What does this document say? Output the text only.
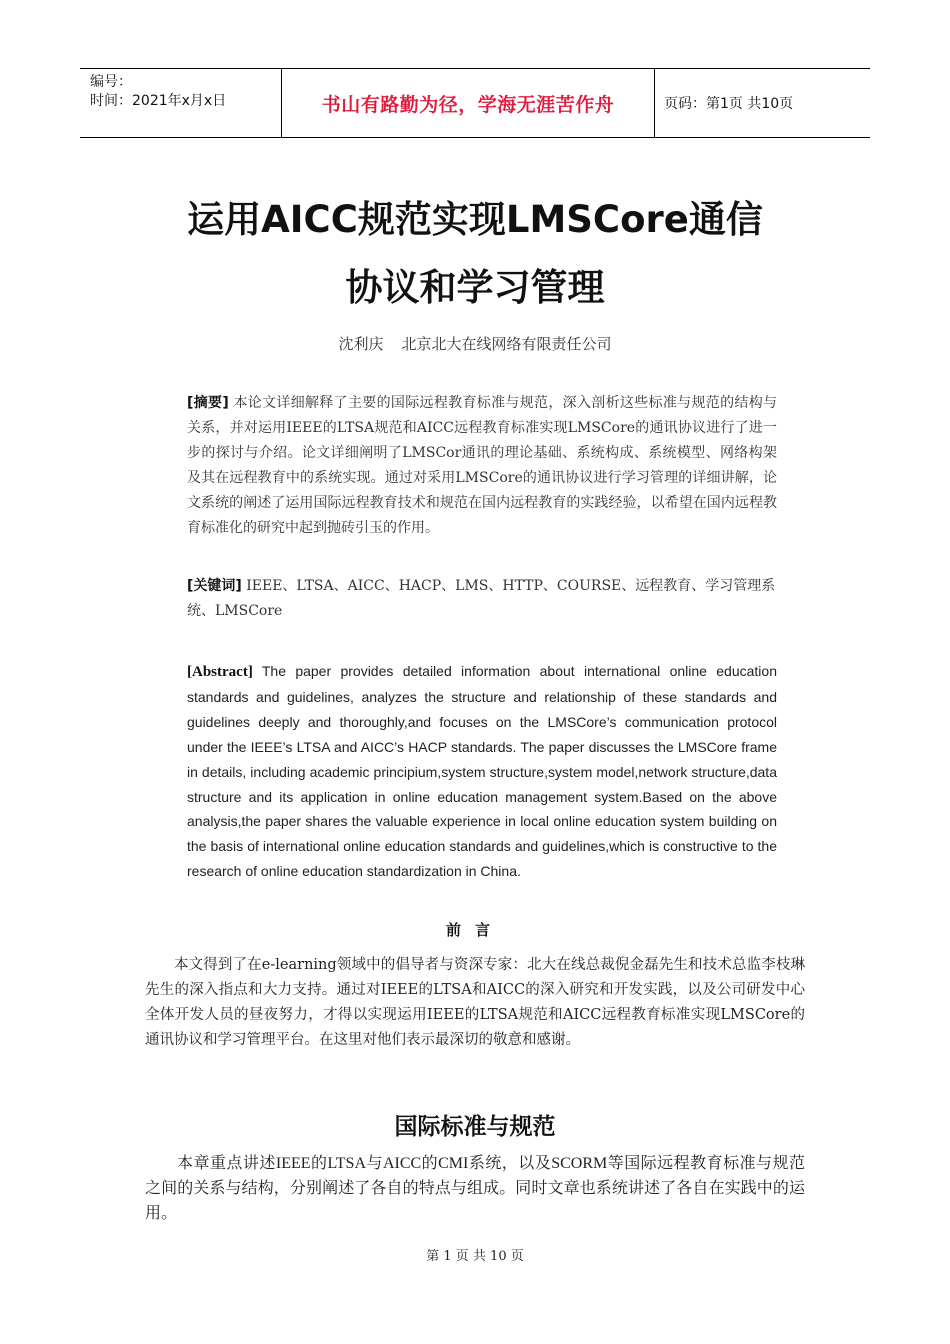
编号：
时间：2021年x月x日	书山有路勤为径，学海无涯苦作舟	页码：第1页 共10页
运用AICC规范实现LMSCore通信
协议和学习管理
沈利庆 北京北大在线网络有限责任公司
[摘要] 本论文详细解释了主要的国际远程教育标准与规范，深入剖析这些标准与规范的结构与关系，并对运用IEEE的LTSA规范和AICC远程教育标准实现LMSCore的通讯协议进行了进一步的探讨与介绍。论文详细阐明了LMSCor通讯的理论基础、系统构成、系统模型、网络构架及其在远程教育中的系统实现。通过对采用LMSCore的通讯协议进行学习管理的详细讲解，论文系统的阐述了运用国际远程教育技术和规范在国内远程教育的实践经验，以希望在国内远程教育标准化的研究中起到抛砖引玉的作用。
[关键词] IEEE、LTSA、AICC、HACP、LMS、HTTP、COURSE、远程教育、学习管理系统、LMSCore
[Abstract] The paper provides detailed information about international online education standards and guidelines, analyzes the structure and relationship of these standards and guidelines deeply and thoroughly,and focuses on the LMSCore’s communication protocol under the IEEE’s LTSA and AICC’s HACP standards. The paper discusses the LMSCore frame in details, including academic principium,system structure,system model,network structure,data structure and its application in online education management system.Based on the above analysis,the paper shares the valuable experience in local online education system building on the basis of international online education standards and guidelines,which is constructive to the research of online education standardization in China.
前言
本文得到了在e-learning领域中的倡导者与资深专家：北大在线总裁倪金磊先生和技术总监李枝琳先生的深入指点和大力支持。通过对IEEE的LTSA和AICC的深入研究和开发实践，以及公司研发中心全体开发人员的昼夜努力，才得以实现运用IEEE的LTSA规范和AICC远程教育标准实现LMSCore的通讯协议和学习管理平台。在这里对他们表示最深切的敬意和感谢。
国际标准与规范
本章重点讲述IEEE的LTSA与AICC的CMI系统，以及SCORM等国际远程教育标准与规范之间的关系与结构，分别阐述了各自的特点与组成。同时文章也系统讲述了各自在实践中的运用。
第 1 页 共 10 页
